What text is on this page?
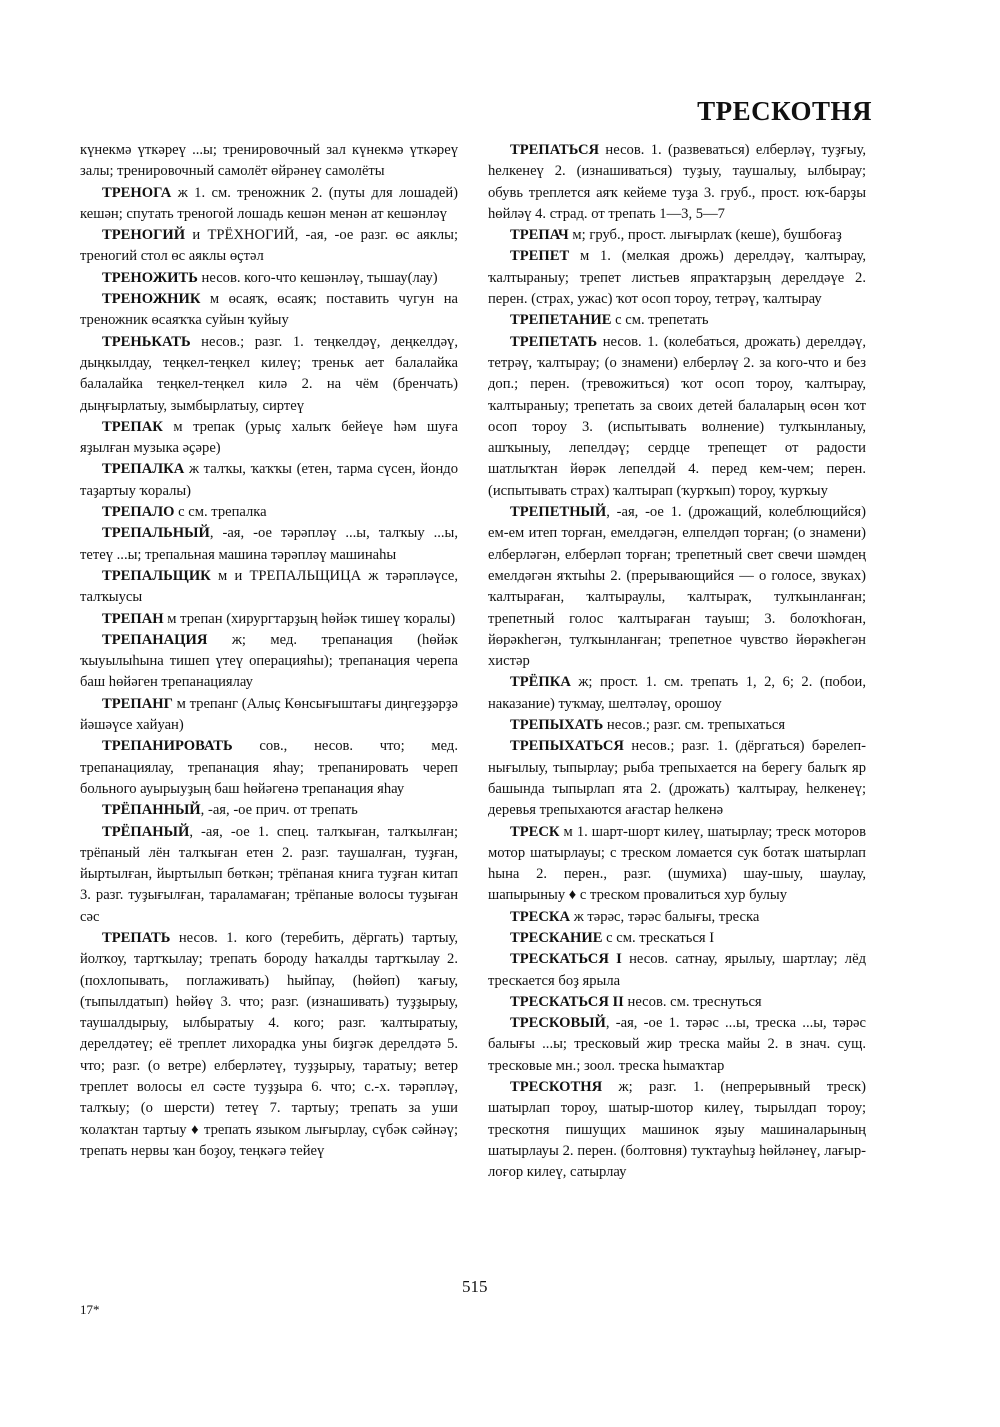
ТРЕСКОТНЯ

күнекмә үткәреү ...ы; тренировочный зал күнекмә үткәреү залы; тренировочный самолёт өйрәнеү самолёты

ТРЕНОГА ж 1. см. треножник 2. (путы для лошадей) кешән; спутать треногой лошадь кешән менән ат кешәнләү

ТРЕНОГИЙ и ТРЁХНОГИЙ, -ая, -ое разг. өс аяклы; треногий стол өс аяклы өҫтәл

ТРЕНОЖИТЬ несов. кого-что кешәнләү, тышау(лау)

ТРЕНОЖНИК м өсаяҡ, өсаяҡ; поставить чугун на треножник өсаяҡҡа суйын ҡуйыу

ТРЕНЬКАТЬ несов.; разг. 1. теңкелдәү, деңкелдәү, дыңкылдау, теңкел-теңкел килеү; треньк ает балалайка балалайка теңкел-теңкел килә 2. на чём (бренчать) дыңғырлатыу, зымбырлатыу, сиртеү

ТРЕПАК м трепак (урыҫ халыҡ бейеүе һәм шуға яҙылған музыка әҫәре)

ТРЕПАЛКА ж талҡы, ҡаҡҡы (етен, тарма сүсен, йондо таҙартыу ҡоралы)

ТРЕПАЛО с см. трепалка

ТРЕПАЛЬНЫЙ, -ая, -ое тәрәпләү ...ы, талҡыу ...ы, тетеү ...ы; трепальная машина тәрәпләү машинаһы

ТРЕПАЛЬЩИК м и ТРЕПАЛЬЩИЦА ж тәрәпләүсе, талҡыусы

ТРЕПАН м трепан (хирургтарҙың һөйәк тишеү ҡоралы)

ТРЕПАНАЦИЯ ж; мед. трепанация (һөйәк ҡыуылыһына тишеп үтеү операцияһы); трепанация черепа баш һөйәген трепанациялау

ТРЕПАНГ м трепанг (Алыҫ Көнсығыштағы диңгеҙҙәрҙә йәшәүсе хайуан)

ТРЕПАНИРОВАТЬ сов., несов. что; мед. трепанациялау, трепанация яһау; трепанировать череп больного ауырыуҙың баш һөйәгенә трепанация яһау

ТРЁПАННЫЙ, -ая, -ое прич. от трепать

ТРЁПАНЫЙ, -ая, -ое 1. спец. талҡыған, талҡылған; трёпаный лён талҡыған етен 2. разг. таушалған, туҙған, йыртылған, йыртылып бөткән; трёпаная книга туҙған китап 3. разг. туҙығылған, тараламаған; трёпаные волосы туҙыған сәс

ТРЕПАТЬ несов. 1. кого (теребить, дёргать) тартыу, йолҡоу, тартҡылау; трепать бороду һаҡалды тартҡылау 2. (похлопывать, поглаживать) һыйпау, (һөйөп) ҡағыу, (тыпылдатып) һөйөү 3. что; разг. (изнашивать) туҙҙырыу, таушалдырыу, ылбыратыу 4. кого; разг. ҡалтыратыу, дерелдәтеү; её треплет лихорадка уны биҙгәк дерелдәтә 5. что; разг. (о ветре) елберләтеү, туҙҙырыу, таратыу; ветер треплет волосы ел сәсте туҙҙыра 6. что; с.-х. тәрәпләү, талҡыу; (о шерсти) тетеү 7. тартыу; трепать за уши ҡолаҡтан тартыу ♦ трепать языком лығырлау, сүбәк сәйнәү; трепать нервы ҡан боҙоу, теңкәгә тейеү

ТРЕПАТЬСЯ несов. 1. (развеваться) елберләү, туҙғыу, һелкенеү 2. (изнашиваться) туҙыу, таушалыу, ылбырау; обувь треплется аяҡ кейеме туҙа 3. груб., прост. юҡ-барҙы һөйләү 4. страд. от трепать 1—3, 5—7

ТРЕПАЧ м; груб., прост. лығырлаҡ (кеше), бушбоғаҙ

ТРЕПЕТ м 1. (мелкая дрожь) дерелдәү, ҡалтырау, ҡалтыраныу; трепет листьев япраҡтарҙың дерелдәүе 2. перен. (страх, ужас) ҡот осоп тороу, тетрәү, ҡалтырау

ТРЕПЕТАНИЕ с см. трепетать

ТРЕПЕТАТЬ несов. 1. (колебаться, дрожать) дерелдәү, тетрәү, ҡалтырау; (о знамени) елберләү 2. за кого-что и без доп.; перен. (тревожиться) ҡот осоп тороу, ҡалтырау, ҡалтыраныу; трепетать за своих детей балаларың өсөн ҡот осоп тороу 3. (испытывать волнение) тулҡынланыу, ашҡыныу, лепелдәү; сердце трепещет от радости шатлыҡтан йөрәк лепелдәй 4. перед кем-чем; перен. (испытывать страх) ҡалтырап (ҡурҡып) тороу, ҡурҡыу

ТРЕПЕТНЫЙ, -ая, -ое 1. (дрожащий, колеблющийся) ем-ем итеп торған, емелдәгән, елпелдәп торған; (о знамени) елберләгән, елберләп торған; трепетный свет свечи шәмдең емелдәгән яҡтыһы 2. (прерывающийся — о голосе, звуках) ҡалтыраған, ҡалтыраулы, ҡалтыраҡ, тулҡынланған; трепетный голос ҡалтыраған тауыш; 3. болоҡһоған, йөрәкһегән, тулҡынланған; трепетное чувство йөрәкһегән хистәр

ТРЁПКА ж; прост. 1. см. трепать 1, 2, 6; 2. (побои, наказание) туҡмау, шелтәләү, орошоу

ТРЕПЫХАТЬ несов.; разг. см. трепыхаться

ТРЕПЫХАТЬСЯ несов.; разг. 1. (дёргаться) бәрелеп-нығылыу, тыпырлау; рыба трепыхается на берегу балыҡ яр башында тыпырлап ята 2. (дрожать) ҡалтырау, һелкенеү; деревья трепыхаются ағастар һелкенә

ТРЕСК м 1. шарт-шорт килеү, шатырлау; треск моторов мотор шатырлауы; с треском ломается сук ботаҡ шатырлап һына 2. перен., разг. (шумиха) шау-шыу, шаулау, шапырыныу ♦ с треском провалиться хур булыу

ТРЕСКА ж тәрәс, тәрәс балығы, треска

ТРЕСКАНИЕ с см. трескаться I

ТРЕСКАТЬСЯ I несов. сатнау, ярылыу, шартлау; лёд трескается боҙ ярыла

ТРЕСКАТЬСЯ II несов. см. треснуться

ТРЕСКОВЫЙ, -ая, -ое 1. тәрәс ...ы, треска ...ы, тәрәс балығы ...ы; тресковый жир треска майы 2. в знач. сущ. тресковые мн.; зоол. треска һымаҡтар

ТРЕСКОТНЯ ж; разг. 1. (непрерывный треск) шатырлап тороу, шатыр-шотор килеү, тырылдап тороу; трескотня пишущих машинок яҙыу машиналарының шатырлауы 2. перен. (болтовня) туҡтауһыҙ һөйләнеү, лағыр-лоғор килеү, сатырлау

515
17*
